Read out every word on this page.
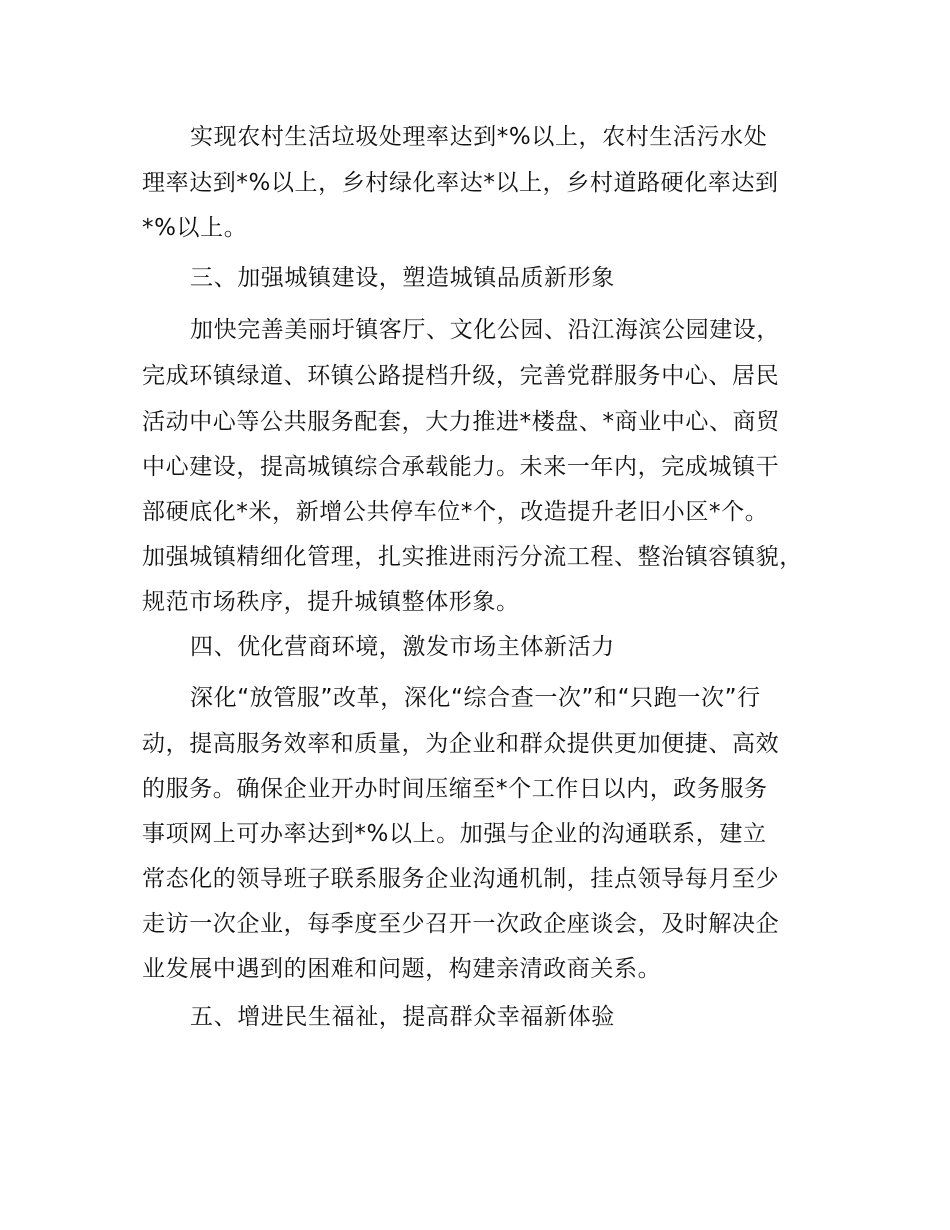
实现农村生活垃圾处理率达到*%以上，农村生活污水处

理率达到*%以上，乡村绿化率达*以上，乡村道路硬化率达到

*%以上。

三、加强城镇建设，塑造城镇品质新形象

加快完善美丽圩镇客厅、文化公园、沿江海滨公园建设，

完成环镇绿道、环镇公路提档升级，完善党群服务中心、居民

活动中心等公共服务配套，大力推进*楼盘、*商业中心、商贸

中心建设，提高城镇综合承载能力。未来一年内，完成城镇干

部硬底化*米，新增公共停车位*个，改造提升老旧小区*个。

加强城镇精细化管理，扎实推进雨污分流工程、整治镇容镇貌，

规范市场秩序，提升城镇整体形象。

四、优化营商环境，激发市场主体新活力

深化“放管服”改革，深化“综合查一次”和“只跑一次”行

动，提高服务效率和质量，为企业和群众提供更加便捷、高效

的服务。确保企业开办时间压缩至*个工作日以内，政务服务

事项网上可办率达到*%以上。加强与企业的沟通联系，建立

常态化的领导班子联系服务企业沟通机制，挂点领导每月至少

走访一次企业，每季度至少召开一次政企座谈会，及时解决企

业发展中遇到的困难和问题，构建亲清政商关系。

五、增进民生福祉，提高群众幸福新体验
